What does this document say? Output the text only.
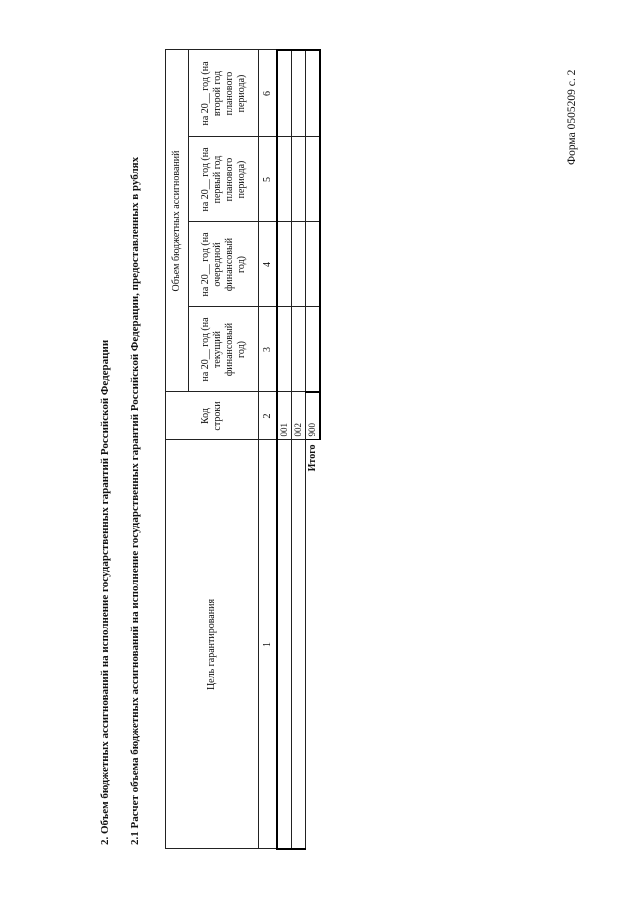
Форма 0505209 с. 2
2. Объем бюджетных ассигнований на исполнение государственных гарантий Российской Федерации 2.1 Расчет объема бюджетных ассигнований на исполнение государственных гарантий Российской Федерации, предоставленных в рублях	Цель гарантирования	Код строки	Объем бюджетных ассигнований			
		на 20__ год (на текущий финансовый год)	на 20__ год (на очередной финансовый год)	на 20__ год (на первый год планового периода)	на 20__ год (на второй год планового периода)
1	2	3	4	5	6
	001				
	002				
Итого	900				
